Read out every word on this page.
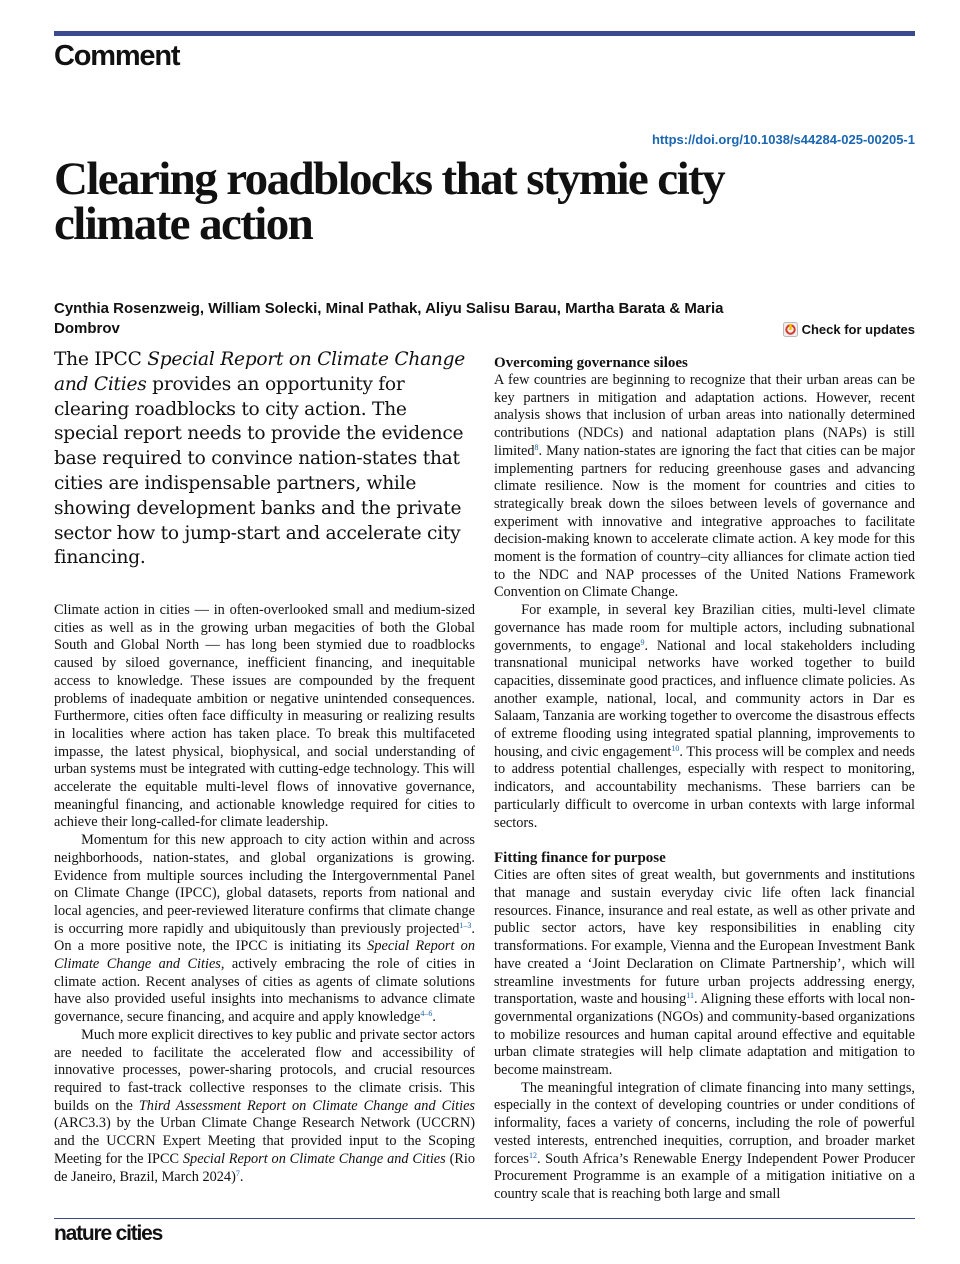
Comment
https://doi.org/10.1038/s44284-025-00205-1
Clearing roadblocks that stymie city climate action

Cynthia Rosenzweig, William Solecki, Minal Pathak, Aliyu Salisu Barau, Martha Barata & Maria Dombrov	Check for updates

The IPCC Special Report on Climate Change and Cities provides an opportunity for clearing roadblocks to city action. The special report needs to provide the evidence base required to convince nation-states that cities are indispensable partners, while showing development banks and the private sector how to jump-start and accelerate city financing.

Climate action in cities — in often-overlooked small and medium-sized cities as well as in the growing urban megacities of both the Global South and Global North — has long been stymied due to roadblocks caused by siloed governance, inefficient financing, and inequitable access to knowledge. These issues are compounded by the frequent problems of inadequate ambition or negative unintended consequences. Furthermore, cities often face difficulty in measuring or realizing results in localities where action has taken place. To break this multifaceted impasse, the latest physical, biophysical, and social understanding of urban systems must be integrated with cutting-edge technology. This will accelerate the equitable multi-level flows of innovative governance, meaningful financing, and actionable knowledge required for cities to achieve their long-called-for climate leadership.

Momentum for this new approach to city action within and across neighborhoods, nation-states, and global organizations is growing. Evidence from multiple sources including the Intergovernmental Panel on Climate Change (IPCC), global datasets, reports from national and local agencies, and peer-reviewed literature confirms that climate change is occurring more rapidly and ubiquitously than previously projected$^{1-3}$. On a more positive note, the IPCC is initiating its Special Report on Climate Change and Cities, actively embracing the role of cities in climate action. Recent analyses of cities as agents of climate solutions have also provided useful insights into mechanisms to advance climate governance, secure financing, and acquire and apply knowledge$^{4-6}$.

Much more explicit directives to key public and private sector actors are needed to facilitate the accelerated flow and accessibility of innovative processes, power-sharing protocols, and crucial resources required to fast-track collective responses to the climate crisis. This builds on the Third Assessment Report on Climate Change and Cities (ARC3.3) by the Urban Climate Change Research Network (UCCRN) and the UCCRN Expert Meeting that provided input to the Scoping Meeting for the IPCC Special Report on Climate Change and Cities (Rio de Janeiro, Brazil, March 2024)$^7$.

Overcoming governance siloes

A few countries are beginning to recognize that their urban areas can be key partners in mitigation and adaptation actions. However, recent analysis shows that inclusion of urban areas into nationally determined contributions (NDCs) and national adaptation plans (NAPs) is still limited$^8$. Many nation-states are ignoring the fact that cities can be major implementing partners for reducing greenhouse gases and advancing climate resilience. Now is the moment for countries and cities to strategically break down the siloes between levels of governance and experiment with innovative and integrative approaches to facilitate decision-making known to accelerate climate action. A key mode for this moment is the formation of country–city alliances for climate action tied to the NDC and NAP processes of the United Nations Framework Convention on Climate Change.

For example, in several key Brazilian cities, multi-level climate governance has made room for multiple actors, including subnational governments, to engage$^9$. National and local stakeholders including transnational municipal networks have worked together to build capacities, disseminate good practices, and influence climate policies. As another example, national, local, and community actors in Dar es Salaam, Tanzania are working together to overcome the disastrous effects of extreme flooding using integrated spatial planning, improvements to housing, and civic engagement$^{10}$. This process will be complex and needs to address potential challenges, especially with respect to monitoring, indicators, and accountability mechanisms. These barriers can be particularly difficult to overcome in urban contexts with large informal sectors.

Fitting finance for purpose

Cities are often sites of great wealth, but governments and institutions that manage and sustain everyday civic life often lack financial resources. Finance, insurance and real estate, as well as other private and public sector actors, have key responsibilities in enabling city transformations. For example, Vienna and the European Investment Bank have created a ‘Joint Declaration on Climate Partnership’, which will streamline investments for future urban projects addressing energy, transportation, waste and housing$^{11}$. Aligning these efforts with local non-governmental organizations (NGOs) and community-based organizations to mobilize resources and human capital around effective and equitable urban climate strategies will help climate adaptation and mitigation to become mainstream.

The meaningful integration of climate financing into many settings, especially in the context of developing countries or under conditions of informality, faces a variety of concerns, including the role of powerful vested interests, entrenched inequities, corruption, and broader market forces$^{12}$. South Africa’s Renewable Energy Independent Power Producer Procurement Programme is an example of a mitigation initiative on a country scale that is reaching both large and small

nature cities
